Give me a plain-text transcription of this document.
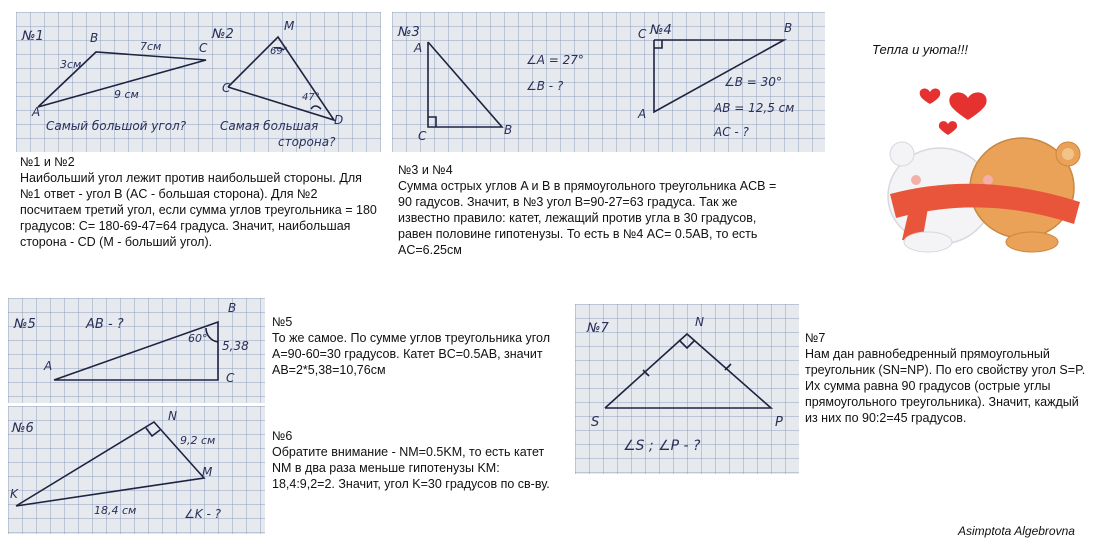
№1	№2
B
C
A
3см
7см
9 см
M
C
D
69°
47°
Самый большой угол?	Самая большая
сторона?
№1 и №2
Наибольший угол лежит против наибольшей стороны. Для №1 ответ - угол B (AC - большая сторона). Для №2 посчитаем третий угол, если сумма углов треугольника = 180 градусов: C= 180-69-47=64 градуса. Значит, наибольшая сторона - CD (M - больший угол).
№3	№4
A
C	B
∠A = 27°
∠B - ?
C	B
A
∠B = 30°
AB = 12,5 см
AC - ?
№3 и №4
Сумма острых углов A и B в прямоугольного треугольника ACB = 90 гадусов. Значит, в №3 угол B=90-27=63 градуса. Так же известно правило: катет, лежащий против угла в 30 градусов, равен половине гипотенузы. То есть в №4 AC= 0.5AB, то есть AC=6.25см
Тепла и уюта!!!
№5	AB - ?
A
B
C
60°
5,38
№5
То же самое. По сумме углов треугольника угол A=90-60=30 градусов. Катет BC=0.5AB, значит AB=2*5,38=10,76см
№6
K
N
M
9,2 см
18,4 см	∠K - ?
№6
Обратите внимание - NM=0.5KM, то есть катет NM в два раза меньше гипотенузы KM: 18,4:9,2=2. Значит, угол K=30 градусов по св-ву.
№7	N
S	P
∠S ; ∠P - ?
№7
Нам дан равнобедренный прямоугольный треугольник (SN=NP). По его свойству угол S=P. Их сумма равна 90 градусов (острые углы прямоугольного треугольника). Значит, каждый из них по 90:2=45 градусов.
Asimptota Algebrovna
